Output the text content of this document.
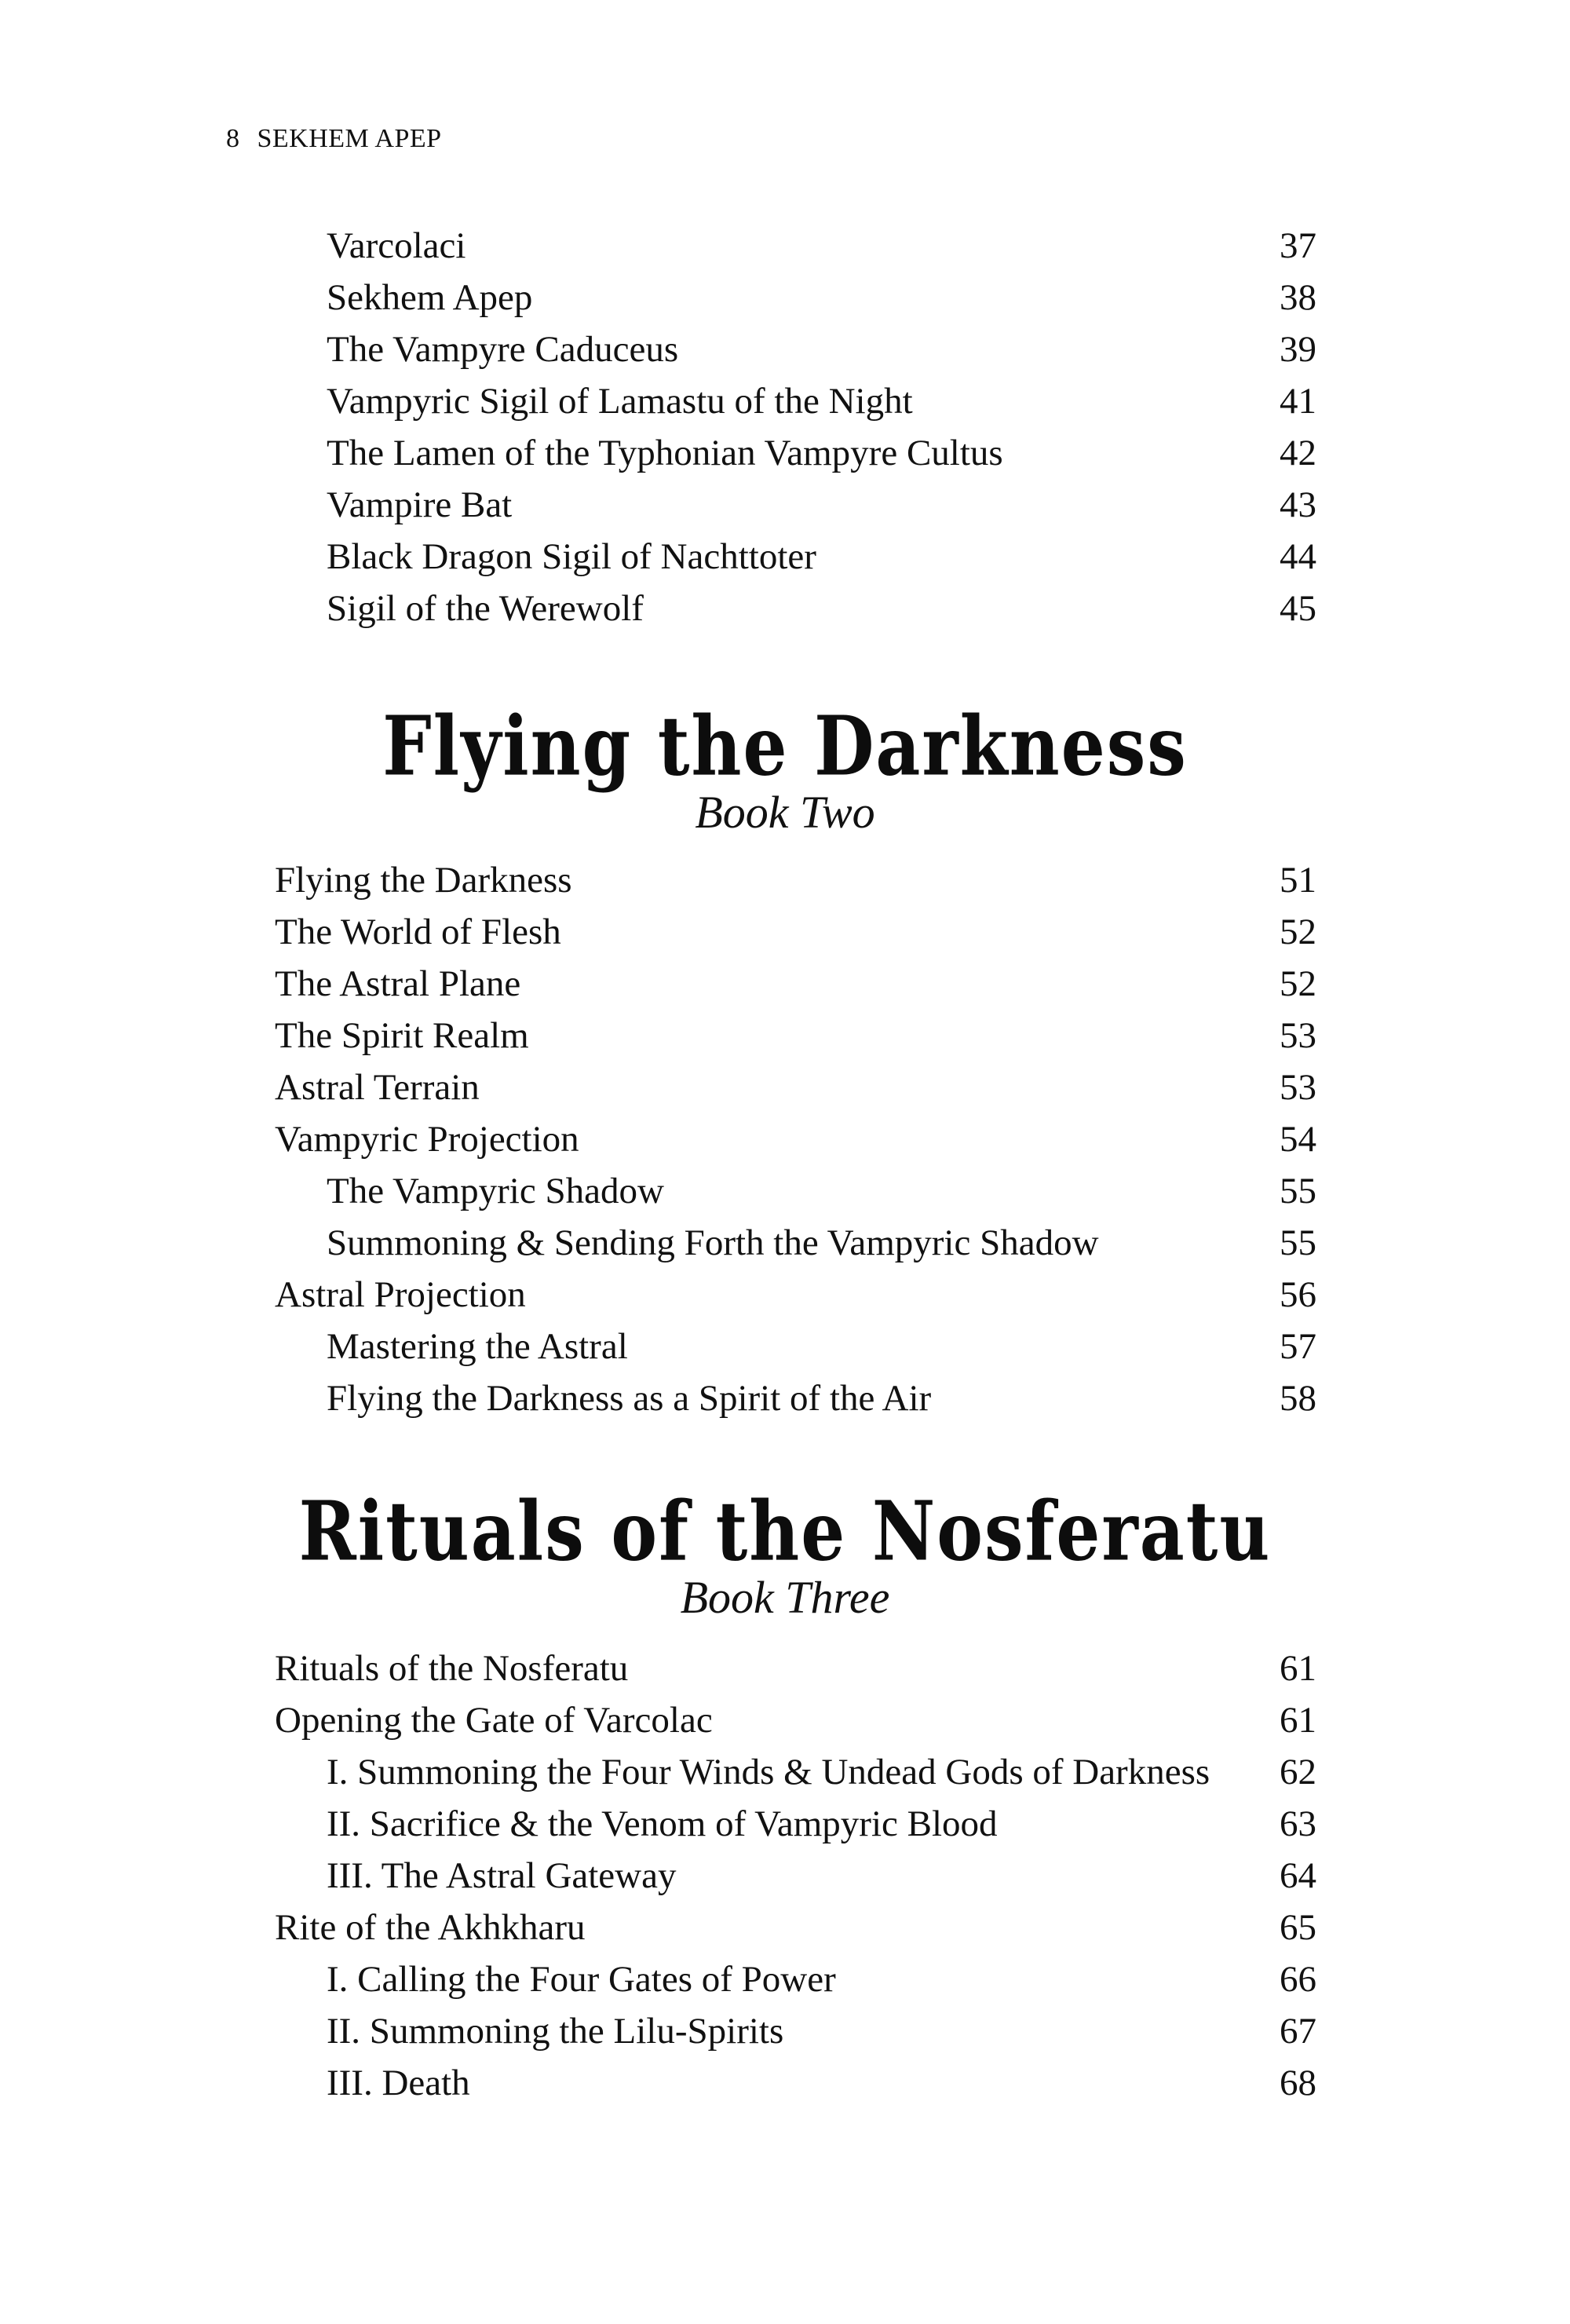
8 SEKHEM APEP
Varcolaci	37
Sekhem Apep	38
The Vampyre Caduceus	39
Vampyric Sigil of Lamastu of the Night	41
The Lamen of the Typhonian Vampyre Cultus	42
Vampire Bat	43
Black Dragon Sigil of Nachttoter	44
Sigil of the Werewolf	45
Flying the Darkness
Book Two
Flying the Darkness	51
The World of Flesh	52
The Astral Plane	52
The Spirit Realm	53
Astral Terrain	53
Vampyric Projection	54
The Vampyric Shadow	55
Summoning & Sending Forth the Vampyric Shadow	55
Astral Projection	56
Mastering the Astral	57
Flying the Darkness as a Spirit of the Air	58
Rituals of the Nosferatu
Book Three
Rituals of the Nosferatu	61
Opening the Gate of Varcolac	61
I. Summoning the Four Winds & Undead Gods of Darkness 62
II. Sacrifice & the Venom of Vampyric Blood	63
III. The Astral Gateway	64
Rite of the Akhkharu	65
I. Calling the Four Gates of Power	66
II. Summoning the Lilu-Spirits	67
III. Death	68
